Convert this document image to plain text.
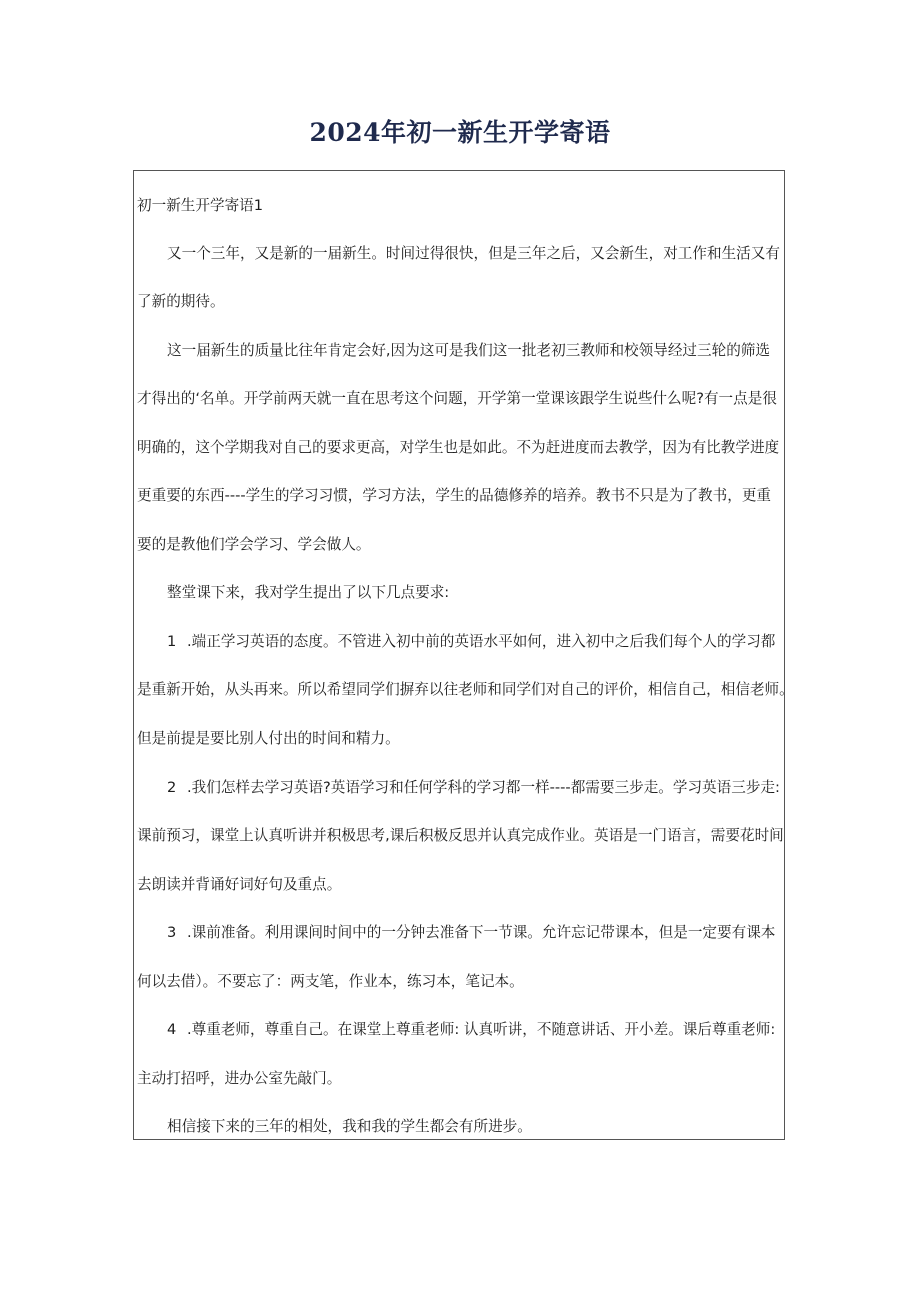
2024年初一新生开学寄语
初一新生开学寄语1
又一个三年，又是新的一届新生。时间过得很快，但是三年之后，又会新生，对工作和生活又有
了新的期待。
这一届新生的质量比往年肯定会好,因为这可是我们这一批老初三教师和校领导经过三轮的筛选
才得出的‘名单。开学前两天就一直在思考这个问题，开学第一堂课该跟学生说些什么呢?有一点是很
明确的，这个学期我对自己的要求更高，对学生也是如此。不为赶进度而去教学，因为有比教学进度
更重要的东西----学生的学习习惯，学习方法，学生的品德修养的培养。教书不只是为了教书，更重
要的是教他们学会学习、学会做人。
整堂课下来，我对学生提出了以下几点要求:
1 .端正学习英语的态度。不管进入初中前的英语水平如何，进入初中之后我们每个人的学习都
是重新开始，从头再来。所以希望同学们摒弃以往老师和同学们对自己的评价，相信自己，相信老师。
但是前提是要比别人付出的时间和精力。
2 .我们怎样去学习英语?英语学习和任何学科的学习都一样----都需要三步走。学习英语三步走:
课前预习，课堂上认真听讲并积极思考,课后积极反思并认真完成作业。英语是一门语言，需要花时间
去朗读并背诵好词好句及重点。
3 .课前准备。利用课间时间中的一分钟去准备下一节课。允许忘记带课本，但是一定要有课本
何以去借）。不要忘了：两支笔，作业本，练习本，笔记本。
4 .尊重老师，尊重自己。在课堂上尊重老师: 认真听讲，不随意讲话、开小差。课后尊重老师:
主动打招呼，进办公室先敲门。
相信接下来的三年的相处，我和我的学生都会有所进步。
